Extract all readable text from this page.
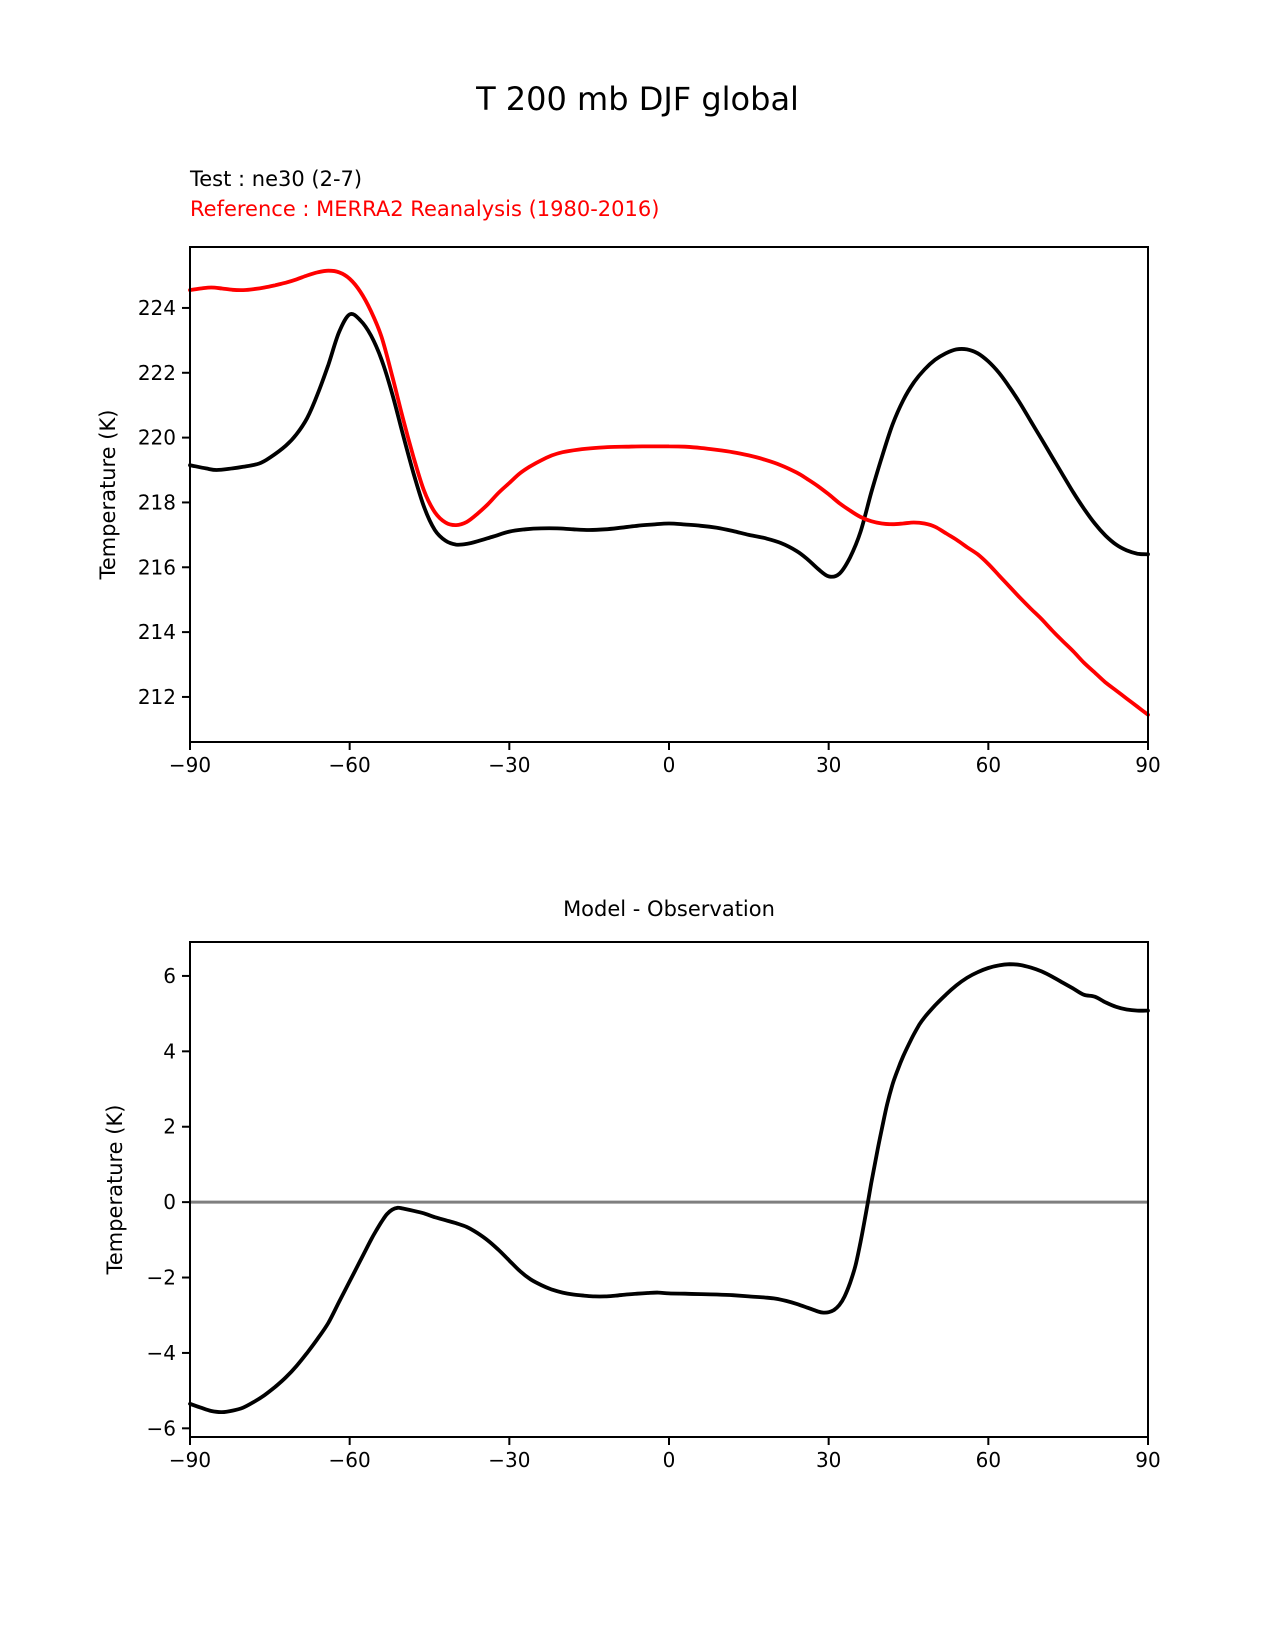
T 200 mb DJF global
Test : ne30 (2-7)
Reference : MERRA2 Reanalysis (1980-2016)
Model - Observation
−90	−60	−30	0	30	60	90
212
214
216
218
220
222
224
Temperature (K)
−90	−60	−30	0	30	60	90
−6
−4
−2
0
2
4
6
Temperature (K)
